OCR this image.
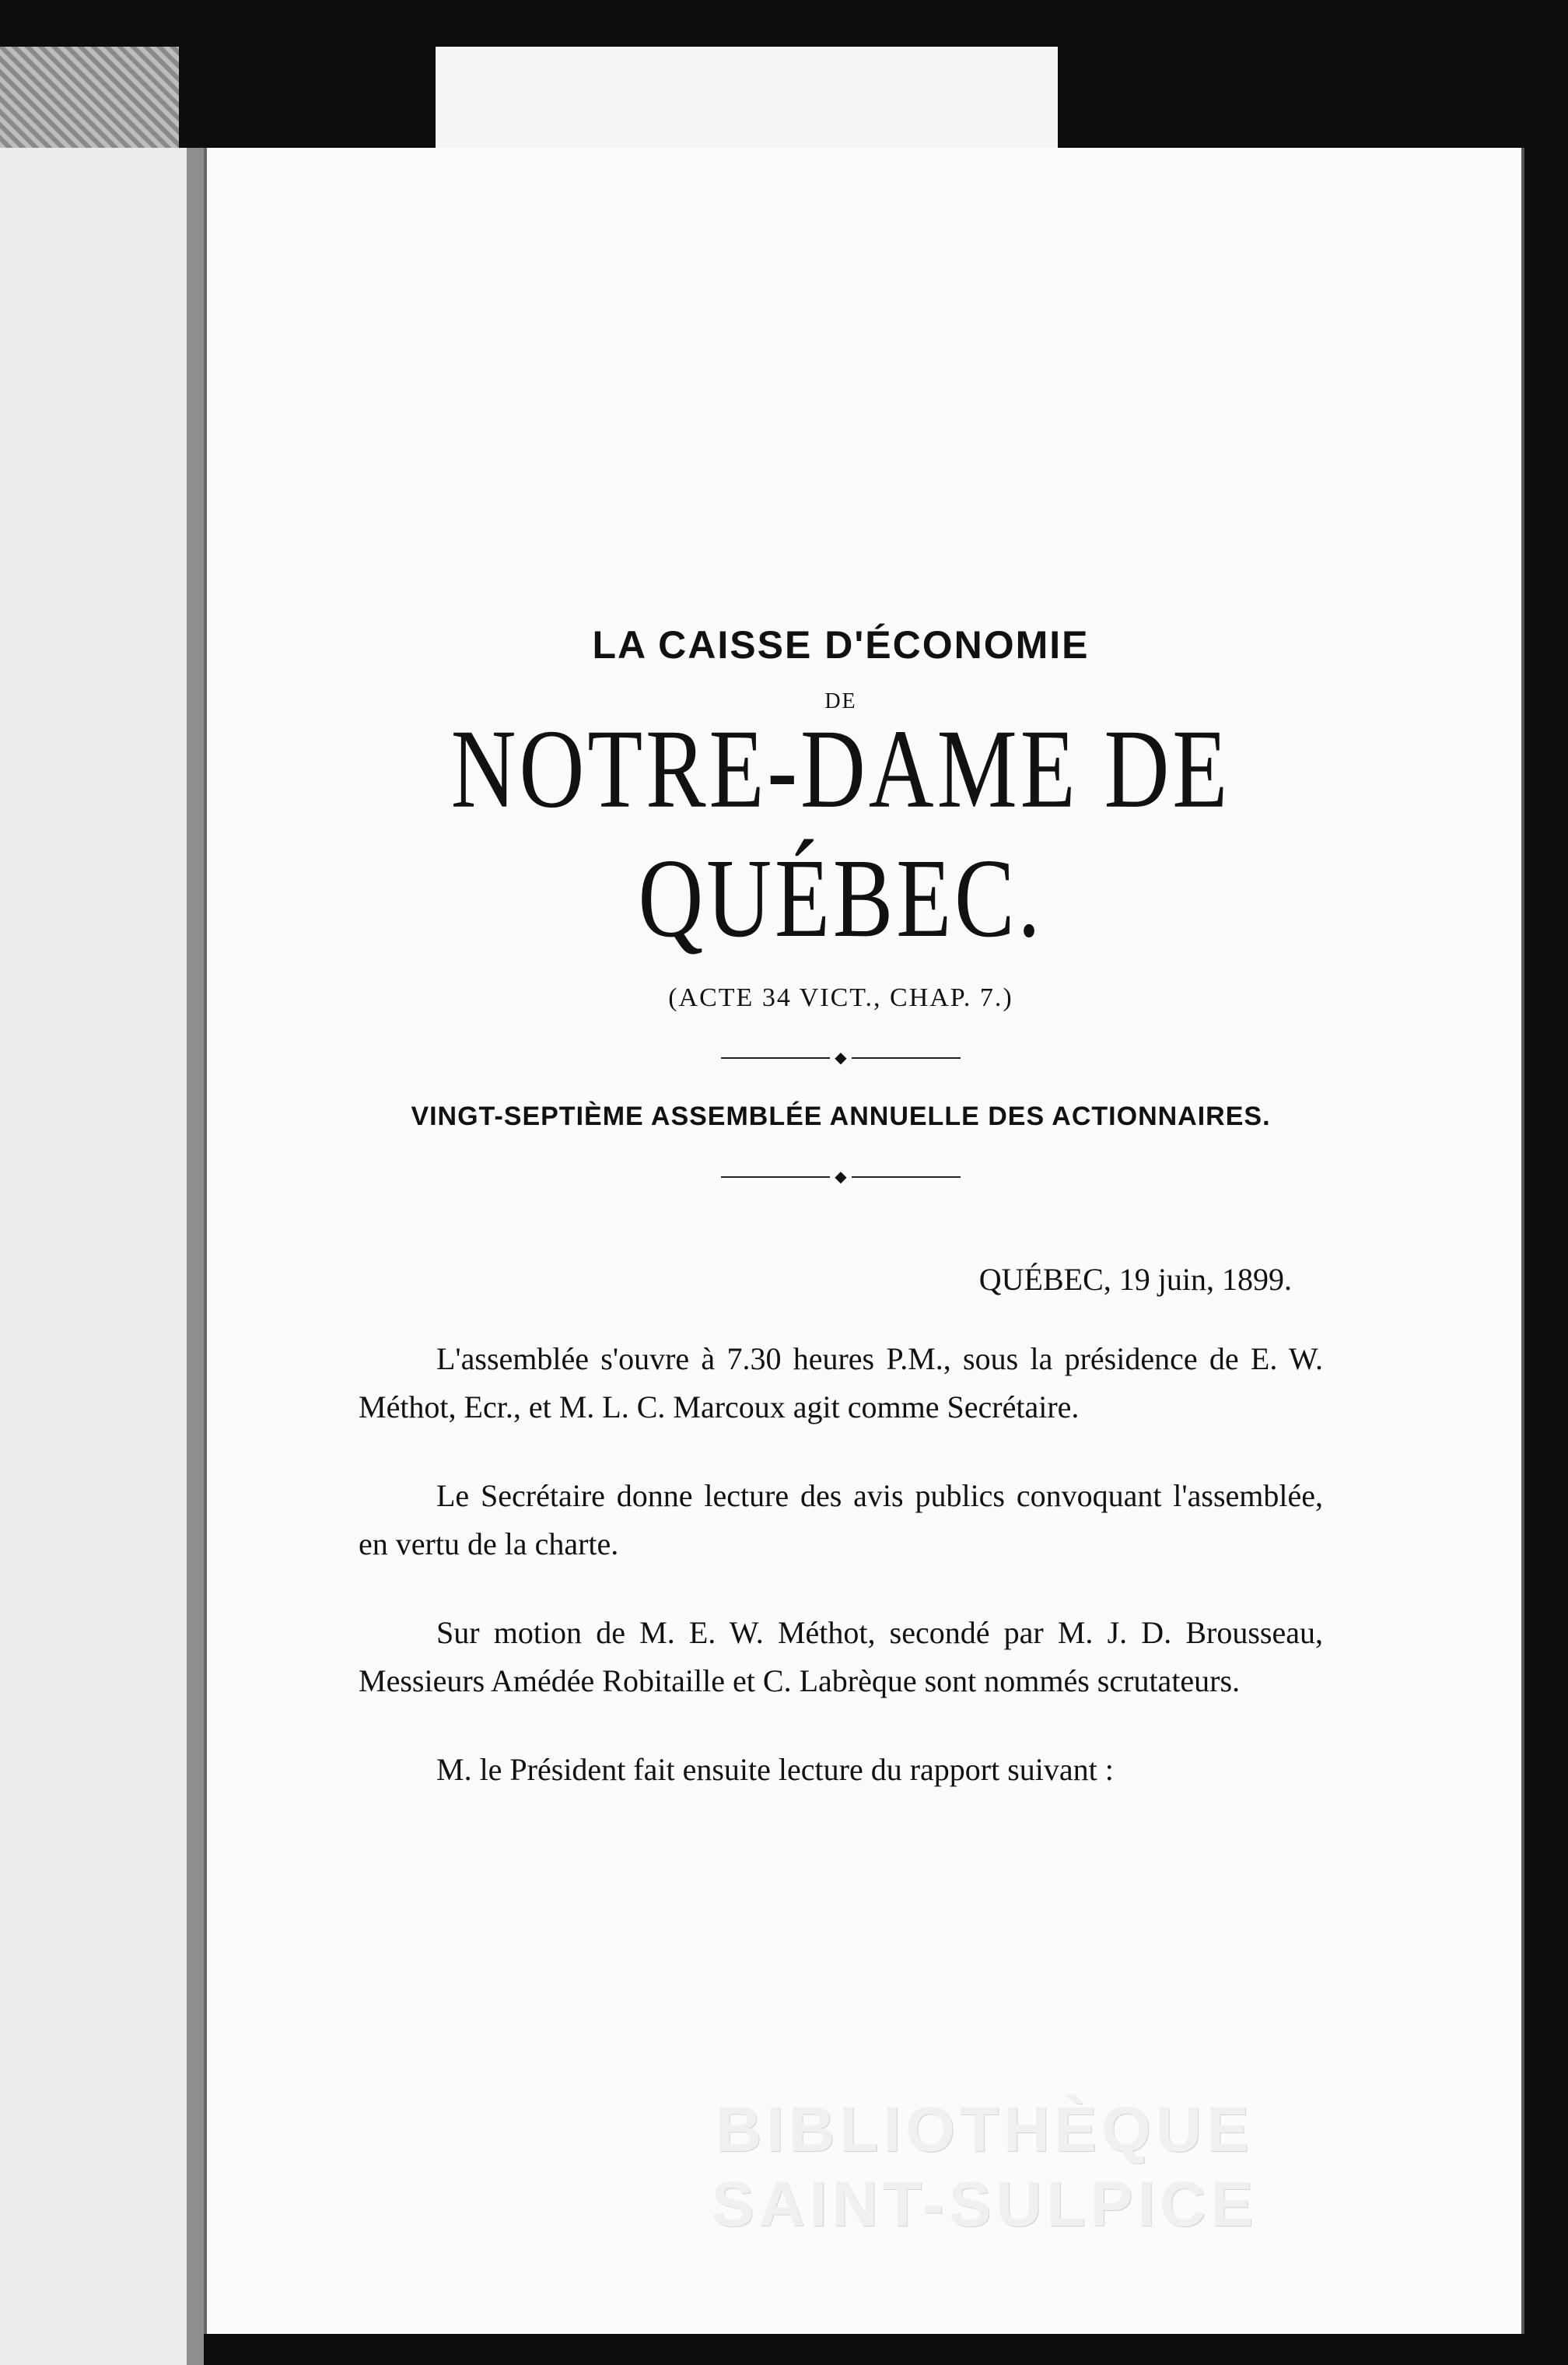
LA CAISSE D'ÉCONOMIE
DE
NOTRE-DAME DE QUÉBEC.
(ACTE 34 VICT., CHAP. 7.)
◆
VINGT-SEPTIÈME ASSEMBLÉE ANNUELLE DES ACTIONNAIRES.
◆
QUÉBEC, 19 juin, 1899.

L'assemblée s'ouvre à 7.30 heures P.M., sous la présidence de E. W. Méthot, Ecr., et M. L. C. Marcoux agit comme Secrétaire.

Le Secrétaire donne lecture des avis publics convoquant l'assemblée, en vertu de la charte.

Sur motion de M. E. W. Méthot, secondé par M. J. D. Brousseau, Messieurs Amédée Robitaille et C. Labrèque sont nommés scrutateurs.

M. le Président fait ensuite lecture du rapport suivant :

BIBLIOTHÈQUE
SAINT-SULPICE
